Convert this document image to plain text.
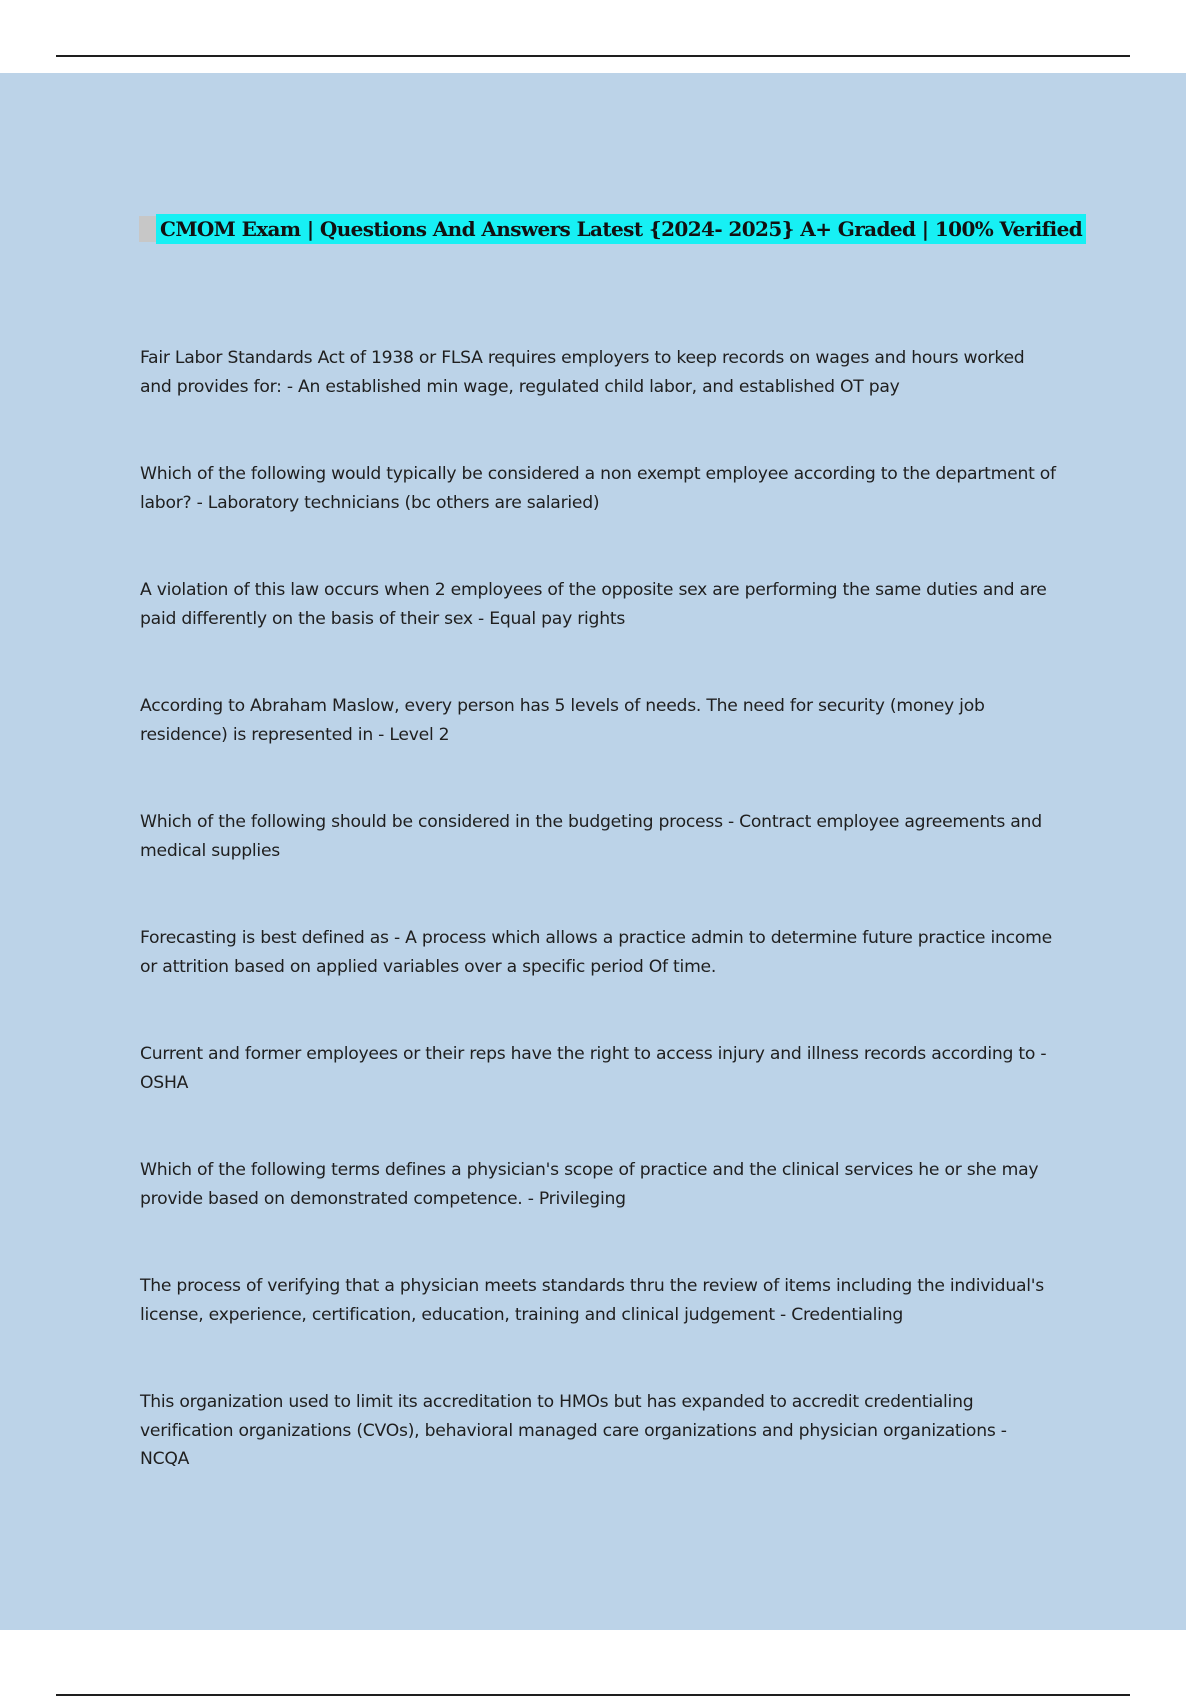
CMOM Exam | Questions And Answers Latest {2024- 2025} A+ Graded | 100% Verified
Fair Labor Standards Act of 1938 or FLSA requires employers to keep records on wages and hours worked and provides for: - An established min wage, regulated child labor, and established OT pay
Which of the following would typically be considered a non exempt employee according to the department of labor? - Laboratory technicians (bc others are salaried)
A violation of this law occurs when 2 employees of the opposite sex are performing the same duties and are paid differently on the basis of their sex - Equal pay rights
According to Abraham Maslow, every person has 5 levels of needs. The need for security (money job residence) is represented in - Level 2
Which of the following should be considered in the budgeting process - Contract employee agreements and medical supplies
Forecasting is best defined as - A process which allows a practice admin to determine future practice income or attrition based on applied variables over a specific period Of time.
Current and former employees or their reps have the right to access injury and illness records according to - OSHA
Which of the following terms defines a physician's scope of practice and the clinical services he or she may provide based on demonstrated competence. - Privileging
The process of verifying that a physician meets standards thru the review of items including the individual's license, experience, certification, education, training and clinical judgement - Credentialing
This organization used to limit its accreditation to HMOs but has expanded to accredit credentialing verification organizations (CVOs), behavioral managed care organizations and physician organizations - NCQA
